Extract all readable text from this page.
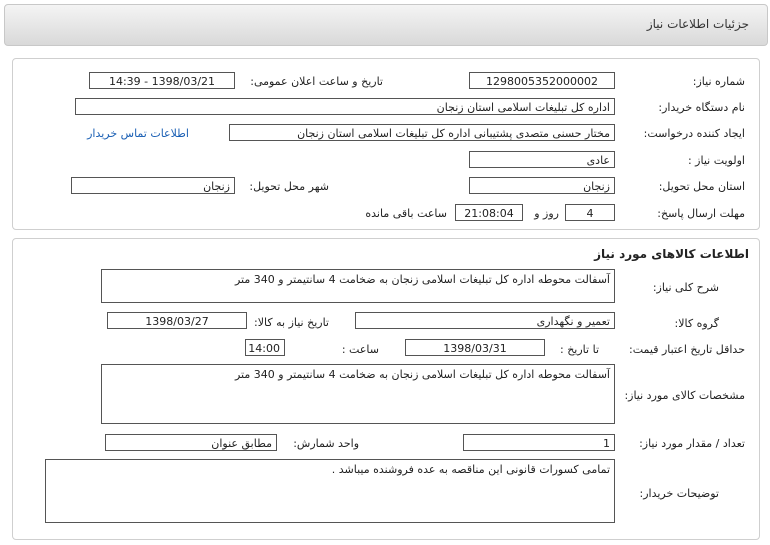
جزئیات اطلاعات نیاز
شماره نیاز:
1298005352000002
تاریخ و ساعت اعلان عمومی:
1398/03/21 - 14:39
نام دستگاه خریدار:
اداره کل تبلیغات اسلامی استان زنجان
ایجاد کننده درخواست:
مختار حسنی متصدی پشتیبانی اداره کل تبلیغات اسلامی استان زنجان
اطلاعات تماس خریدار
اولویت نیاز :
عادی
استان محل تحویل:
زنجان
شهر محل تحویل:
زنجان
مهلت ارسال پاسخ:
4
روز و
21:08:04
ساعت باقی مانده
اطلاعات کالاهای مورد نیاز
شرح کلی نیاز:
آسفالت محوطه اداره کل تبلیغات اسلامی زنجان به ضخامت 4 سانتیمتر و 340 متر
گروه کالا:
تعمیر و نگهداری
تاریخ نیاز به کالا:
1398/03/27
حداقل تاریخ اعتبار قیمت:
تا تاریخ :
1398/03/31
ساعت :
14:00
مشخصات کالای مورد نیاز:
آسفالت محوطه اداره کل تبلیغات اسلامی زنجان به ضخامت 4 سانتیمتر و 340 متر
تعداد / مقدار مورد نیاز:
1
واحد شمارش:
مطابق عنوان
توضیحات خریدار:
تمامی کسورات قانونی این مناقصه به عده فروشنده میباشد .
